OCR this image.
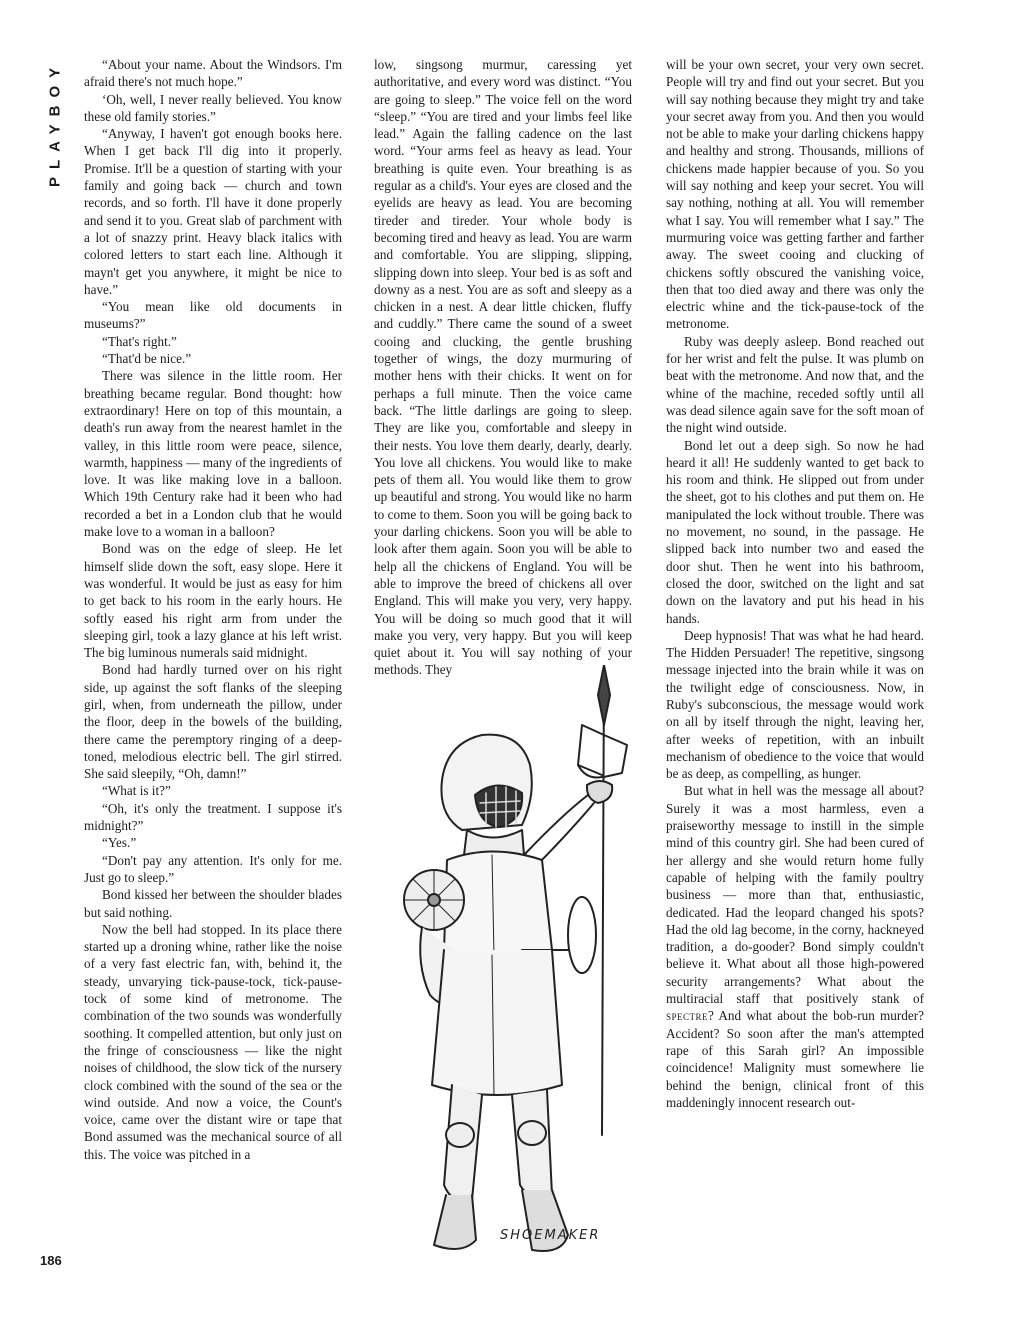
PLAYBOY	“About your name. About the Windsors. I'm afraid there's not much hope.”

‘Oh, well, I never really believed. You know these old family stories.”

“Anyway, I haven't got enough books here. When I get back I'll dig into it properly. Promise. It'll be a question of starting with your family and going back — church and town records, and so forth. I'll have it done properly and send it to you. Great slab of parchment with a lot of snazzy print. Heavy black italics with colored letters to start each line. Although it mayn't get you anywhere, it might be nice to have.”

“You mean like old documents in museums?”

“That's right.”

“That'd be nice.”

There was silence in the little room. Her breathing became regular. Bond thought: how extraordinary! Here on top of this mountain, a death's run away from the nearest hamlet in the valley, in this little room were peace, silence, warmth, happiness — many of the ingredients of love. It was like making love in a balloon. Which 19th Century rake had it been who had recorded a bet in a London club that he would make love to a woman in a balloon?

Bond was on the edge of sleep. He let himself slide down the soft, easy slope. Here it was wonderful. It would be just as easy for him to get back to his room in the early hours. He softly eased his right arm from under the sleeping girl, took a lazy glance at his left wrist. The big luminous numerals said midnight.

Bond had hardly turned over on his right side, up against the soft flanks of the sleeping girl, when, from underneath the pillow, under the floor, deep in the bowels of the building, there came the peremptory ringing of a deep-toned, melodious electric bell. The girl stirred. She said sleepily, “Oh, damn!”

“What is it?”

“Oh, it's only the treatment. I suppose it's midnight?”

“Yes.”

“Don't pay any attention. It's only for me. Just go to sleep.”

Bond kissed her between the shoulder blades but said nothing.

Now the bell had stopped. In its place there started up a droning whine, rather like the noise of a very fast electric fan, with, behind it, the steady, unvarying tick-pause-tock, tick-pause-tock of some kind of metronome. The combination of the two sounds was wonderfully soothing. It compelled attention, but only just on the fringe of consciousness — like the night noises of childhood, the slow tick of the nursery clock combined with the sound of the sea or the wind outside. And now a voice, the Count's voice, came over the distant wire or tape that Bond assumed was the mechanical source of all this. The voice was pitched in a

low, singsong murmur, caressing yet authoritative, and every word was distinct. “You are going to sleep.” The voice fell on the word “sleep.” “You are tired and your limbs feel like lead.” Again the falling cadence on the last word. “Your arms feel as heavy as lead. Your breathing is quite even. Your breathing is as regular as a child's. Your eyes are closed and the eyelids are heavy as lead. You are becoming tireder and tireder. Your whole body is becoming tired and heavy as lead. You are warm and comfortable. You are slipping, slipping, slipping down into sleep. Your bed is as soft and downy as a nest. You are as soft and sleepy as a chicken in a nest. A dear little chicken, fluffy and cuddly.” There came the sound of a sweet cooing and clucking, the gentle brushing together of wings, the dozy murmuring of mother hens with their chicks. It went on for perhaps a full minute. Then the voice came back. “The little darlings are going to sleep. They are like you, comfortable and sleepy in their nests. You love them dearly, dearly, dearly. You love all chickens. You would like to make pets of them all. You would like them to grow up beautiful and strong. You would like no harm to come to them. Soon you will be going back to your darling chickens. Soon you will be able to look after them again. Soon you will be able to help all the chickens of England. You will be able to improve the breed of chickens all over England. This will make you very, very happy. You will be doing so much good that it will make you very, very happy. But you will keep quiet about it. You will say nothing of your methods. They

will be your own secret, your very own secret. People will try and find out your secret. But you will say nothing because they might try and take your secret away from you. And then you would not be able to make your darling chickens happy and healthy and strong. Thousands, millions of chickens made happier because of you. So you will say nothing and keep your secret. You will say nothing, nothing at all. You will remember what I say. You will remember what I say.” The murmuring voice was getting farther and farther away. The sweet cooing and clucking of chickens softly obscured the vanishing voice, then that too died away and there was only the electric whine and the tick-pause-tock of the metronome.

Ruby was deeply asleep. Bond reached out for her wrist and felt the pulse. It was plumb on beat with the metronome. And now that, and the whine of the machine, receded softly until all was dead silence again save for the soft moan of the night wind outside.

Bond let out a deep sigh. So now he had heard it all! He suddenly wanted to get back to his room and think. He slipped out from under the sheet, got to his clothes and put them on. He manipulated the lock without trouble. There was no movement, no sound, in the passage. He slipped back into number two and eased the door shut. Then he went into his bathroom, closed the door, switched on the light and sat down on the lavatory and put his head in his hands.

Deep hypnosis! That was what he had heard. The Hidden Persuader! The repetitive, singsong message injected into the brain while it was on the twilight edge of consciousness. Now, in Ruby's subconscious, the message would work on all by itself through the night, leaving her, after weeks of repetition, with an inbuilt mechanism of obedience to the voice that would be as deep, as compelling, as hunger.

But what in hell was the message all about? Surely it was a most harmless, even a praiseworthy message to instill in the simple mind of this country girl. She had been cured of her allergy and she would return home fully capable of helping with the family poultry business — more than that, enthusiastic, dedicated. Had the leopard changed his spots? Had the old lag become, in the corny, hackneyed tradition, a do-gooder? Bond simply couldn't believe it. What about all those high-powered security arrangements? What about the multiracial staff that positively stank of spectre? And what about the bob-run murder? Accident? So soon after the man's attempted rape of this Sarah girl? An impossible coincidence! Malignity must somewhere lie behind the benign, clinical front of this maddeningly innocent research out-

SHOEMAKER
186
